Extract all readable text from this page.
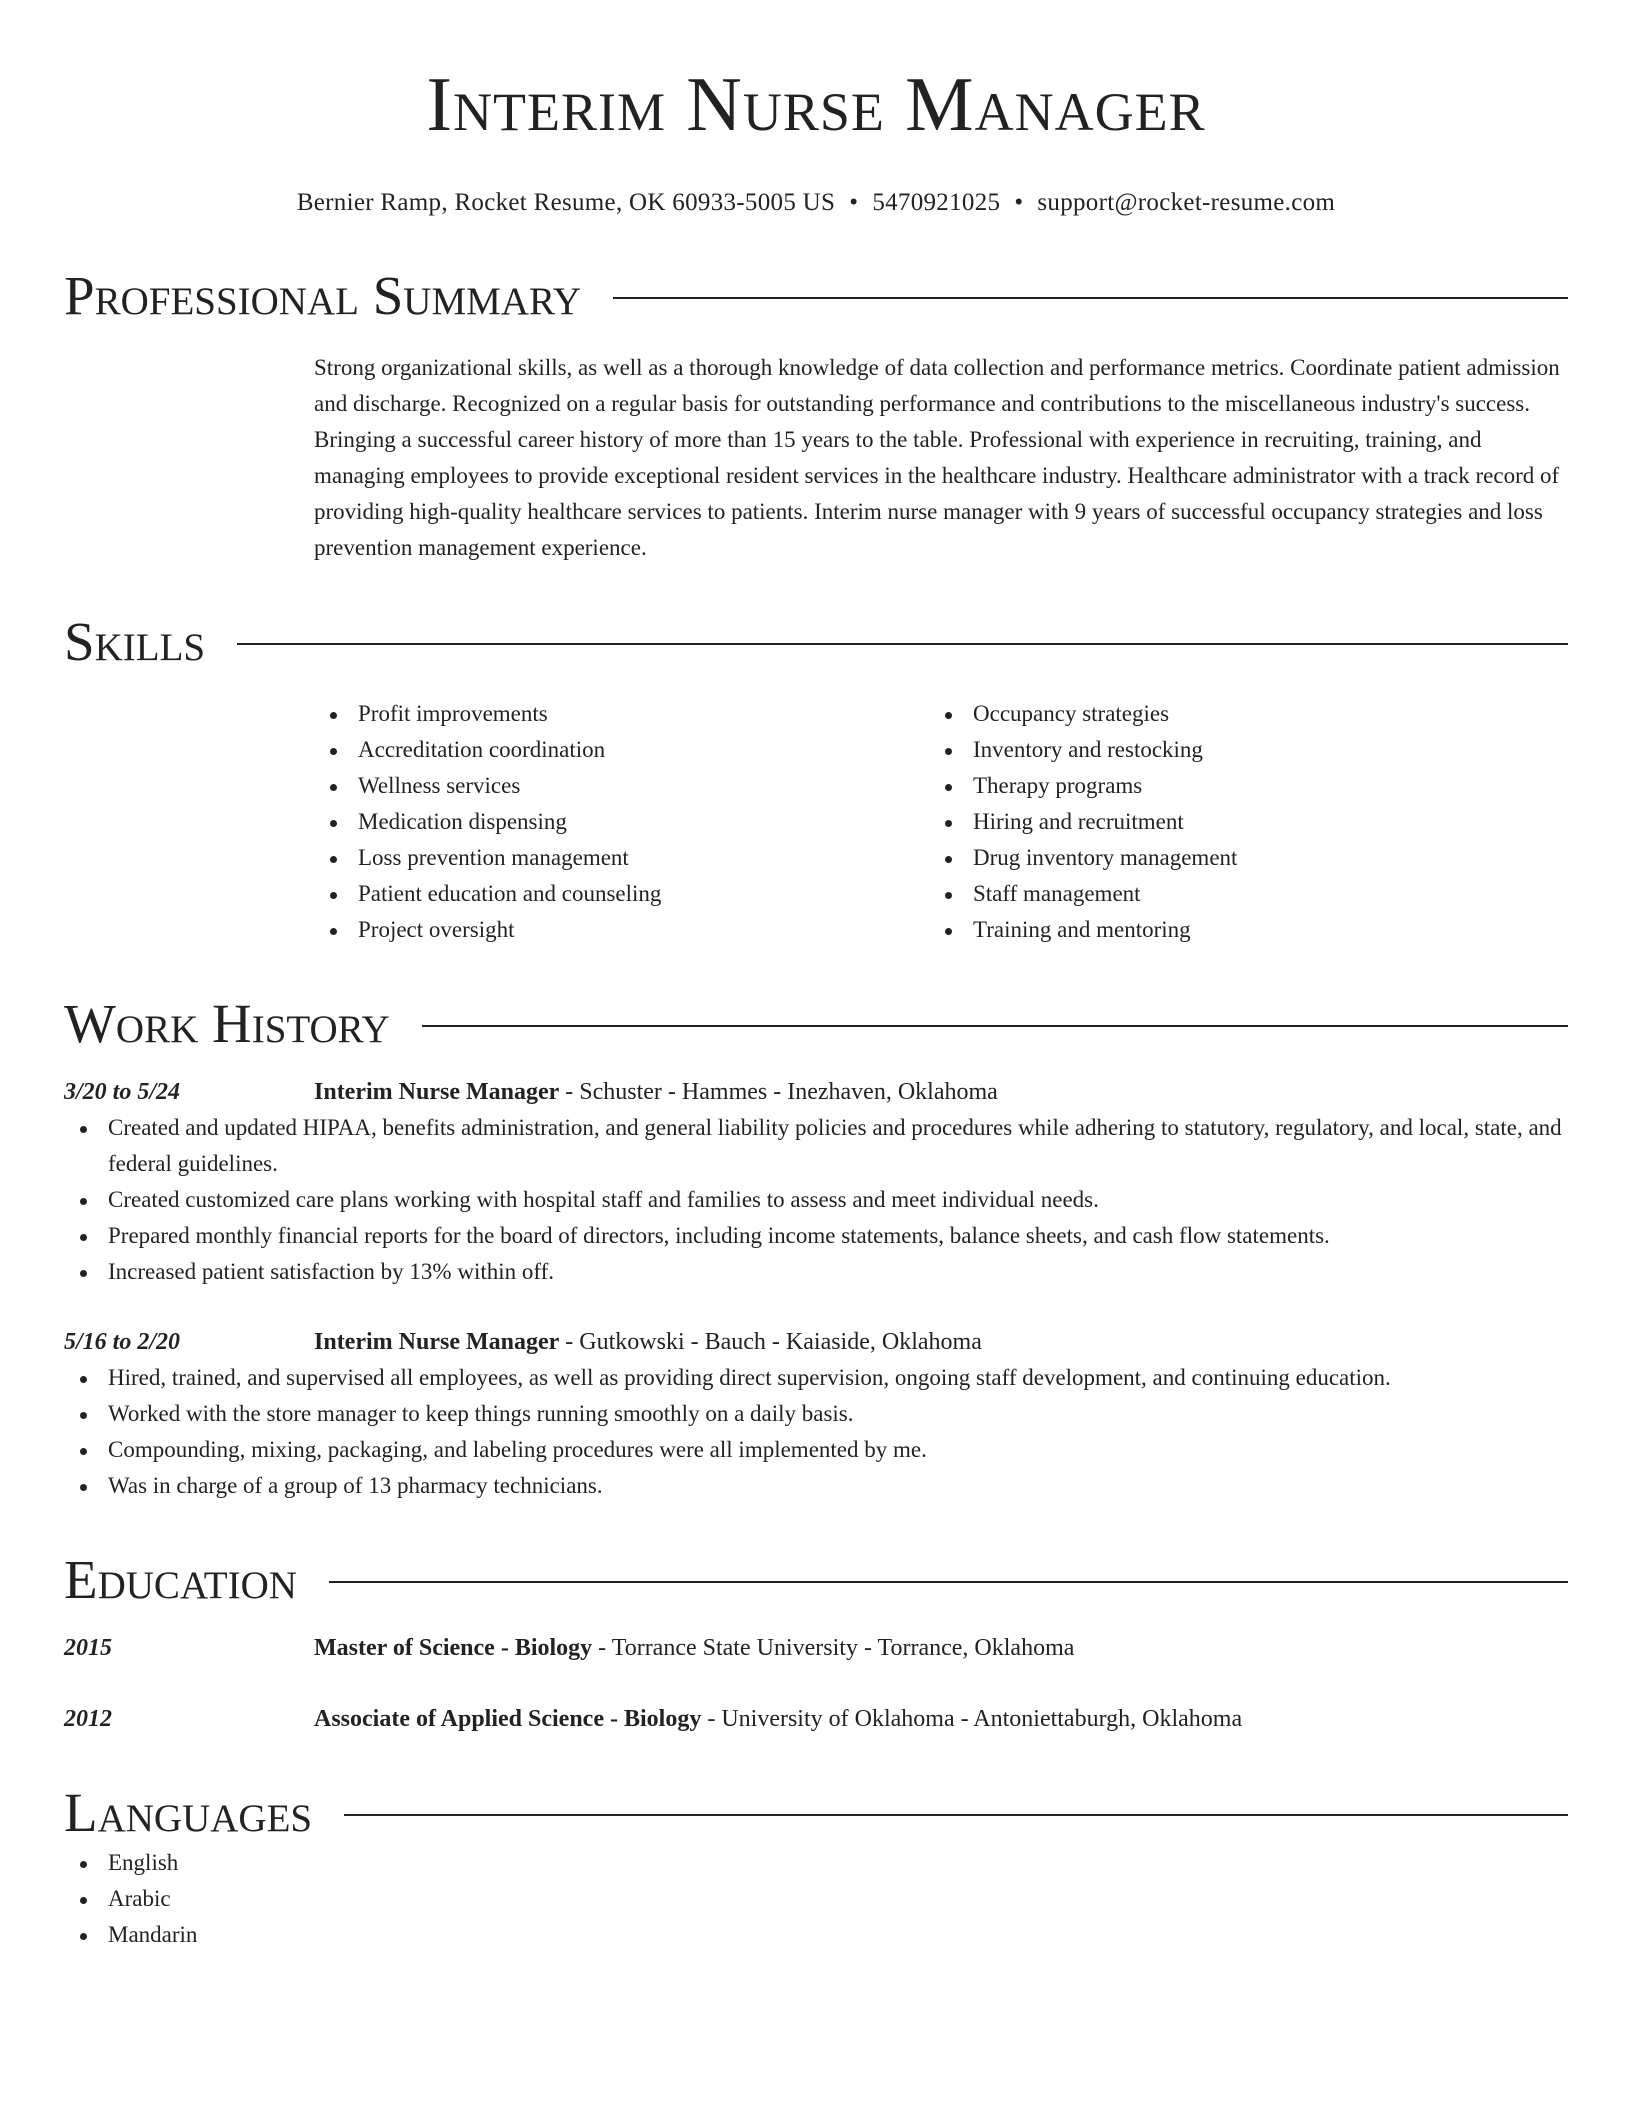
Interim Nurse Manager
Bernier Ramp, Rocket Resume, OK 60933-5005 US • 5470921025 • support@rocket-resume.com
Professional Summary
Strong organizational skills, as well as a thorough knowledge of data collection and performance metrics. Coordinate patient admission and discharge. Recognized on a regular basis for outstanding performance and contributions to the miscellaneous industry's success. Bringing a successful career history of more than 15 years to the table. Professional with experience in recruiting, training, and managing employees to provide exceptional resident services in the healthcare industry. Healthcare administrator with a track record of providing high-quality healthcare services to patients. Interim nurse manager with 9 years of successful occupancy strategies and loss prevention management experience.
Skills
Profit improvements
Accreditation coordination
Wellness services
Medication dispensing
Loss prevention management
Patient education and counseling
Project oversight
Occupancy strategies
Inventory and restocking
Therapy programs
Hiring and recruitment
Drug inventory management
Staff management
Training and mentoring
Work History
3/20 to 5/24	Interim Nurse Manager - Schuster - Hammes - Inezhaven, Oklahoma
Created and updated HIPAA, benefits administration, and general liability policies and procedures while adhering to statutory, regulatory, and local, state, and federal guidelines.
Created customized care plans working with hospital staff and families to assess and meet individual needs.
Prepared monthly financial reports for the board of directors, including income statements, balance sheets, and cash flow statements.
Increased patient satisfaction by 13% within off.
5/16 to 2/20	Interim Nurse Manager - Gutkowski - Bauch - Kaiaside, Oklahoma
Hired, trained, and supervised all employees, as well as providing direct supervision, ongoing staff development, and continuing education.
Worked with the store manager to keep things running smoothly on a daily basis.
Compounding, mixing, packaging, and labeling procedures were all implemented by me.
Was in charge of a group of 13 pharmacy technicians.
Education
2015	Master of Science - Biology - Torrance State University - Torrance, Oklahoma
2012	Associate of Applied Science - Biology - University of Oklahoma - Antoniettaburgh, Oklahoma
Languages
English
Arabic
Mandarin
